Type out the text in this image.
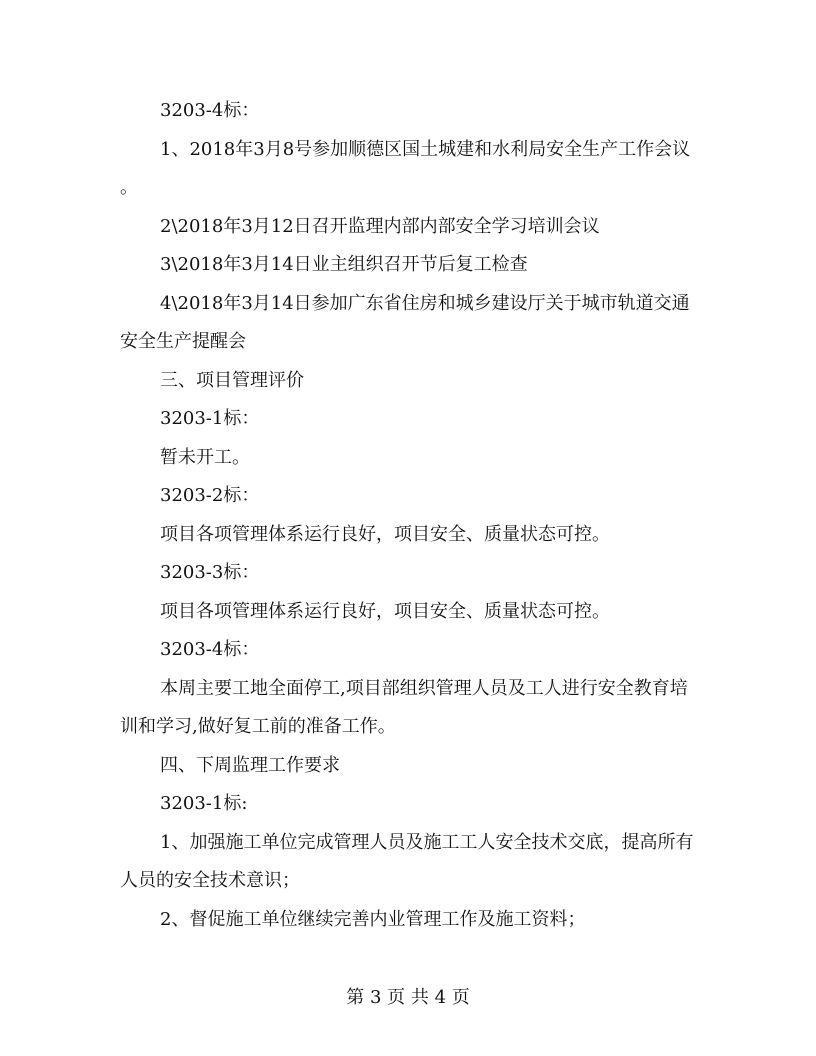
3203-4标：

1、2018年3月8号参加顺德区国土城建和水利局安全生产工作会议

。

2\2018年3月12日召开监理内部内部安全学习培训会议

3\2018年3月14日业主组织召开节后复工检查

4\2018年3月14日参加广东省住房和城乡建设厅关于城市轨道交通安全生产提醒会

三、项目管理评价

3203-1标：

暂未开工。

3203-2标：

项目各项管理体系运行良好，项目安全、质量状态可控。

3203-3标：

项目各项管理体系运行良好，项目安全、质量状态可控。

3203-4标：

本周主要工地全面停工,项目部组织管理人员及工人进行安全教育培训和学习,做好复工前的准备工作。

四、下周监理工作要求

3203-1标:

1、加强施工单位完成管理人员及施工工人安全技术交底，提高所有人员的安全技术意识；

2、督促施工单位继续完善内业管理工作及施工资料；

第 3 页 共 4 页
